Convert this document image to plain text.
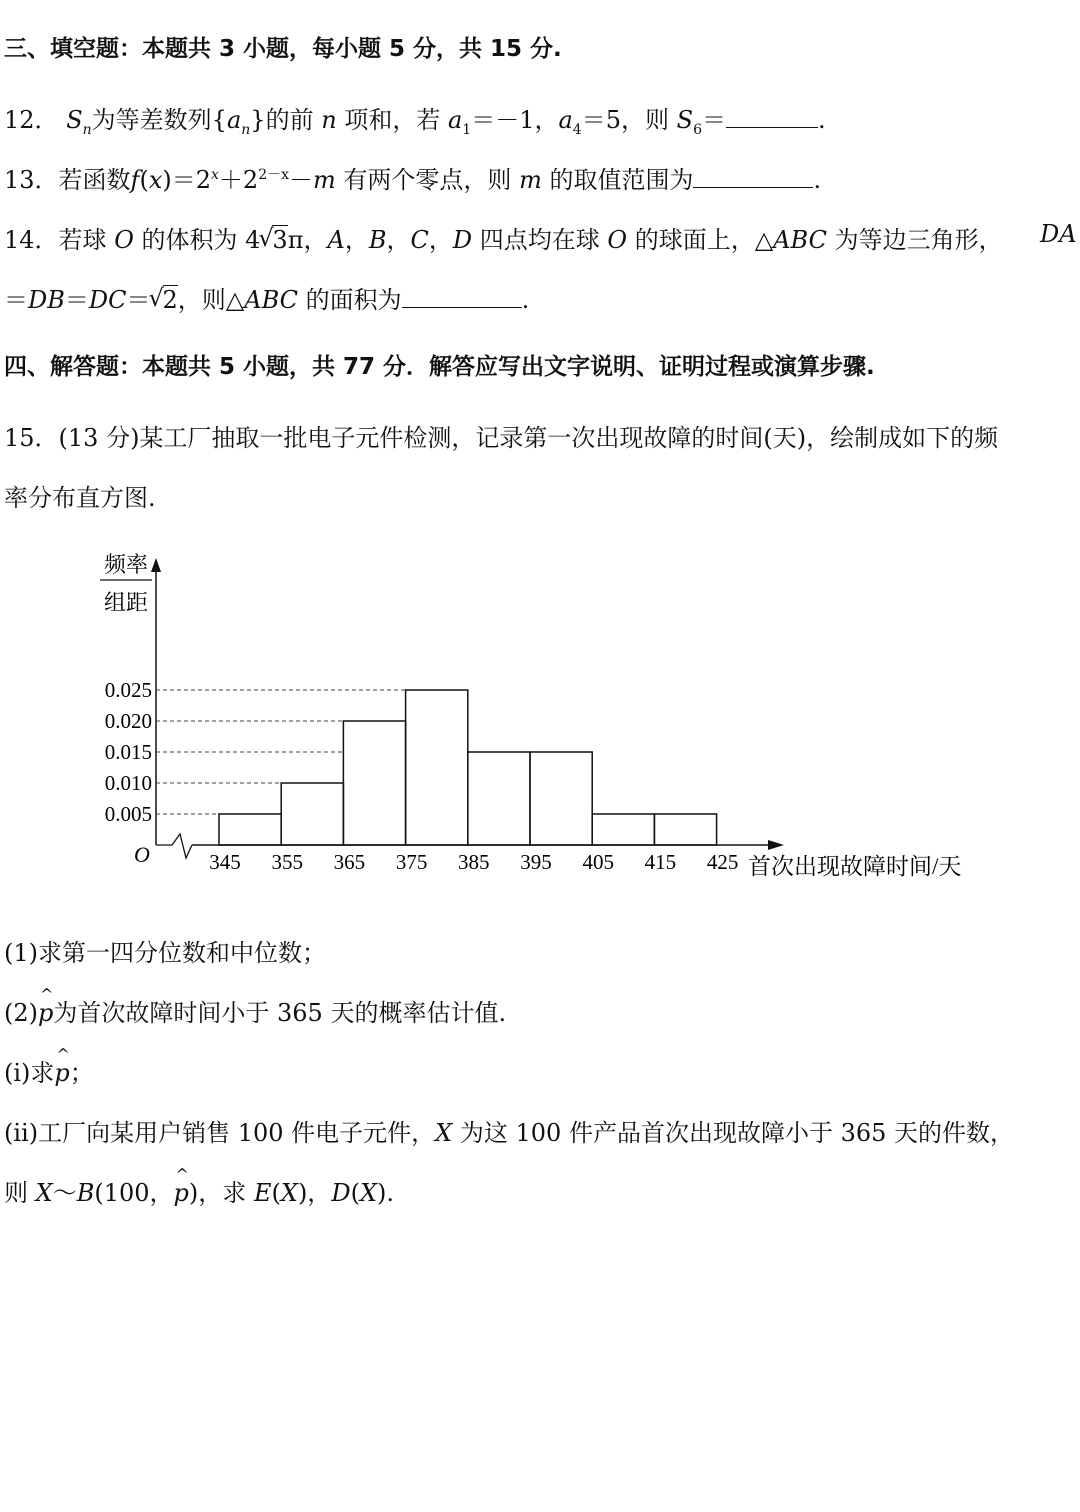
三、填空题：本题共 3 小题，每小题 5 分，共 15 分.
12． $S_n$为等差数列$\{a_n\}$的前 n 项和，若 $a_1=-1$，$a_4=5$，则 $S_6=$	.
13．若函数$f(x)=2^x+2^{2-x}-m$ 有两个零点，则 m 的取值范围为	.
14．若球 O 的体积为 4 √ 3π，A，B，C，D 四点均在球 O 的球面上，△ABC 为等边三角形， DA
＝DB＝DC＝ √ 2，则△ABC 的面积为	.
四、解答题：本题共 5 小题，共 77 分．解答应写出文字说明、证明过程或演算步骤.
15．(13 分)某工厂抽取一批电子元件检测，记录第一次出现故障的时间(天)，绘制成如下的频
率分布直方图.
频率
组距
O
0.005
0.010
0.015
0.020
0.025
345 355 365 375 385 395 405 415 425 首次出现故障时间/天
(1)求第一四分位数和中位数；
(2)^ p为首次故障时间小于 365 天的概率估计值.
(ⅰ)求^ p；
(ⅱ)工厂向某用户销售 100 件电子元件，X 为这 100 件产品首次出现故障小于 365 天的件数，
则 X～B(100，^ p)，求 E(X)，D(X).
